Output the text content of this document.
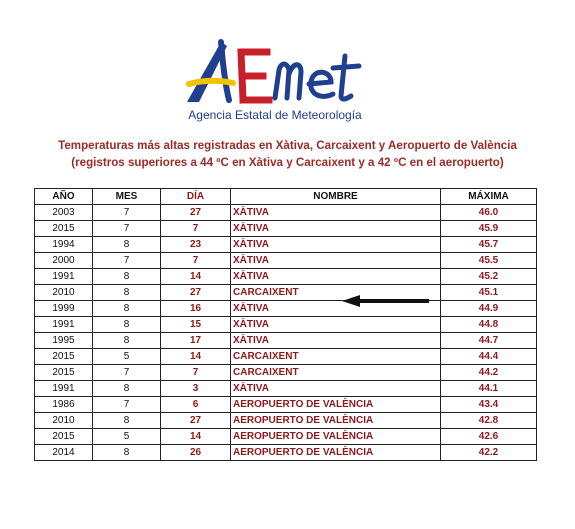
Agencia Estatal de Meteorología
Temperaturas más altas registradas en Xàtiva, Carcaixent y Aeropuerto de València
(registros superiores a 44 ºC en Xàtiva y Carcaixent y a 42 ºC en el aeropuerto)
AÑO	MES	DÍA	NOMBRE	MÁXIMA
2003	7	27	XÀTIVA	46.0
2015	7	7	XÀTIVA	45.9
1994	8	23	XÀTIVA	45.7
2000	7	7	XÀTIVA	45.5
1991	8	14	XÀTIVA	45.2
2010	8	27	CARCAIXENT	45.1
1999	8	16	XÀTIVA	44.9
1991	8	15	XÀTIVA	44.8
1995	8	17	XÀTIVA	44.7
2015	5	14	CARCAIXENT	44.4
2015	7	7	CARCAIXENT	44.2
1991	8	3	XÀTIVA	44.1
1986	7	6	AEROPUERTO DE VALÈNCIA	43.4
2010	8	27	AEROPUERTO DE VALÈNCIA	42.8
2015	5	14	AEROPUERTO DE VALÈNCIA	42.6
2014	8	26	AEROPUERTO DE VALÈNCIA	42.2
